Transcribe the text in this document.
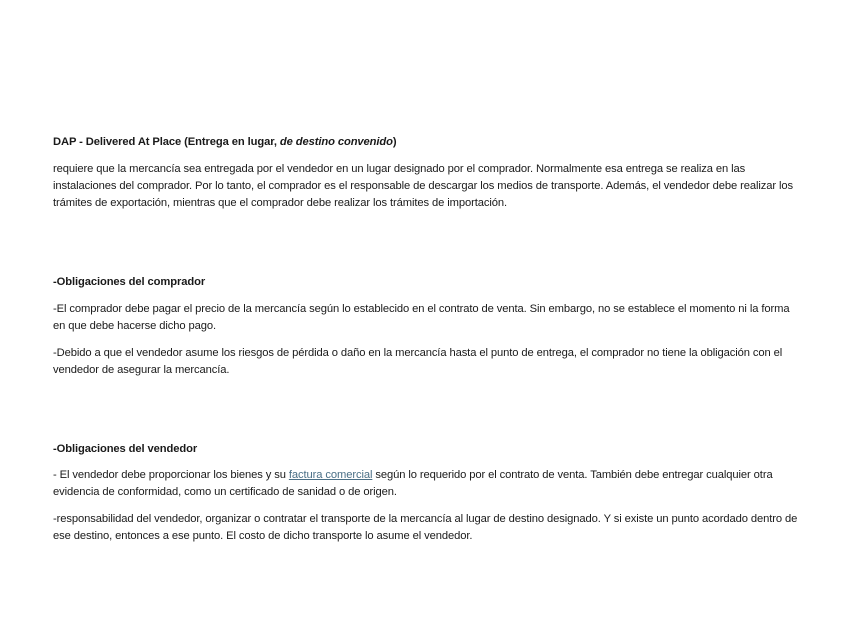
DAP - Delivered At Place (Entrega en lugar, de destino convenido)
requiere que la mercancía sea entregada por el vendedor en un lugar designado por el comprador. Normalmente esa entrega se realiza en las instalaciones del comprador. Por lo tanto, el comprador es el responsable de descargar los medios de transporte. Además, el vendedor debe realizar los trámites de exportación, mientras que el comprador debe realizar los trámites de importación.
-Obligaciones del comprador
-El comprador debe pagar el precio de la mercancía según lo establecido en el contrato de venta. Sin embargo, no se establece el momento ni la forma en que debe hacerse dicho pago.
-Debido a que el vendedor asume los riesgos de pérdida o daño en la mercancía hasta el punto de entrega, el comprador no tiene la obligación con el vendedor de asegurar la mercancía.
-Obligaciones del vendedor
- El vendedor debe proporcionar los bienes y su factura comercial según lo requerido por el contrato de venta. También debe entregar cualquier otra evidencia de conformidad, como un certificado de sanidad o de origen.
-responsabilidad del vendedor, organizar o contratar el transporte de la mercancía al lugar de destino designado. Y si existe un punto acordado dentro de ese destino, entonces a ese punto. El costo de dicho transporte lo asume el vendedor.
